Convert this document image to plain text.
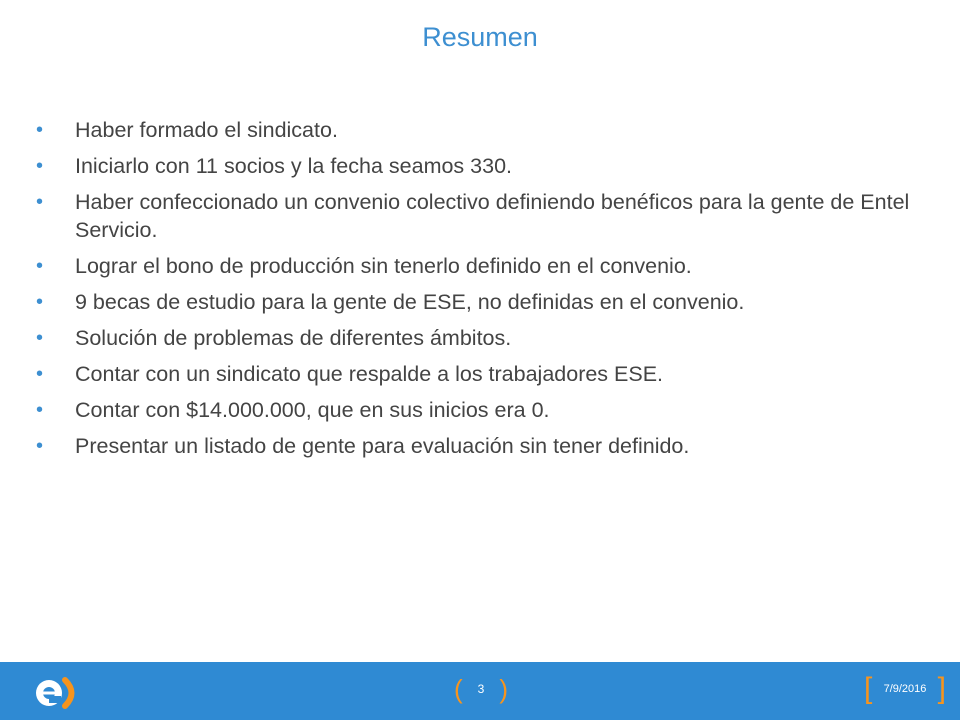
Resumen
• Haber formado el sindicato.
• Iniciarlo con 11 socios y la fecha seamos 330.
• Haber confeccionado un convenio colectivo definiendo benéficos para la gente de Entel Servicio.
• Lograr el bono de producción sin tenerlo definido en el convenio.
• 9 becas de estudio para la gente de ESE, no definidas en el convenio.
• Solución de problemas de diferentes ámbitos.
• Contar con un sindicato que respalde a los trabajadores ESE.
• Contar con $14.000.000, que en sus inicios era 0.
• Presentar un listado de gente para evaluación sin tener definido.
(	3 )	[	7/9/2016 ]
